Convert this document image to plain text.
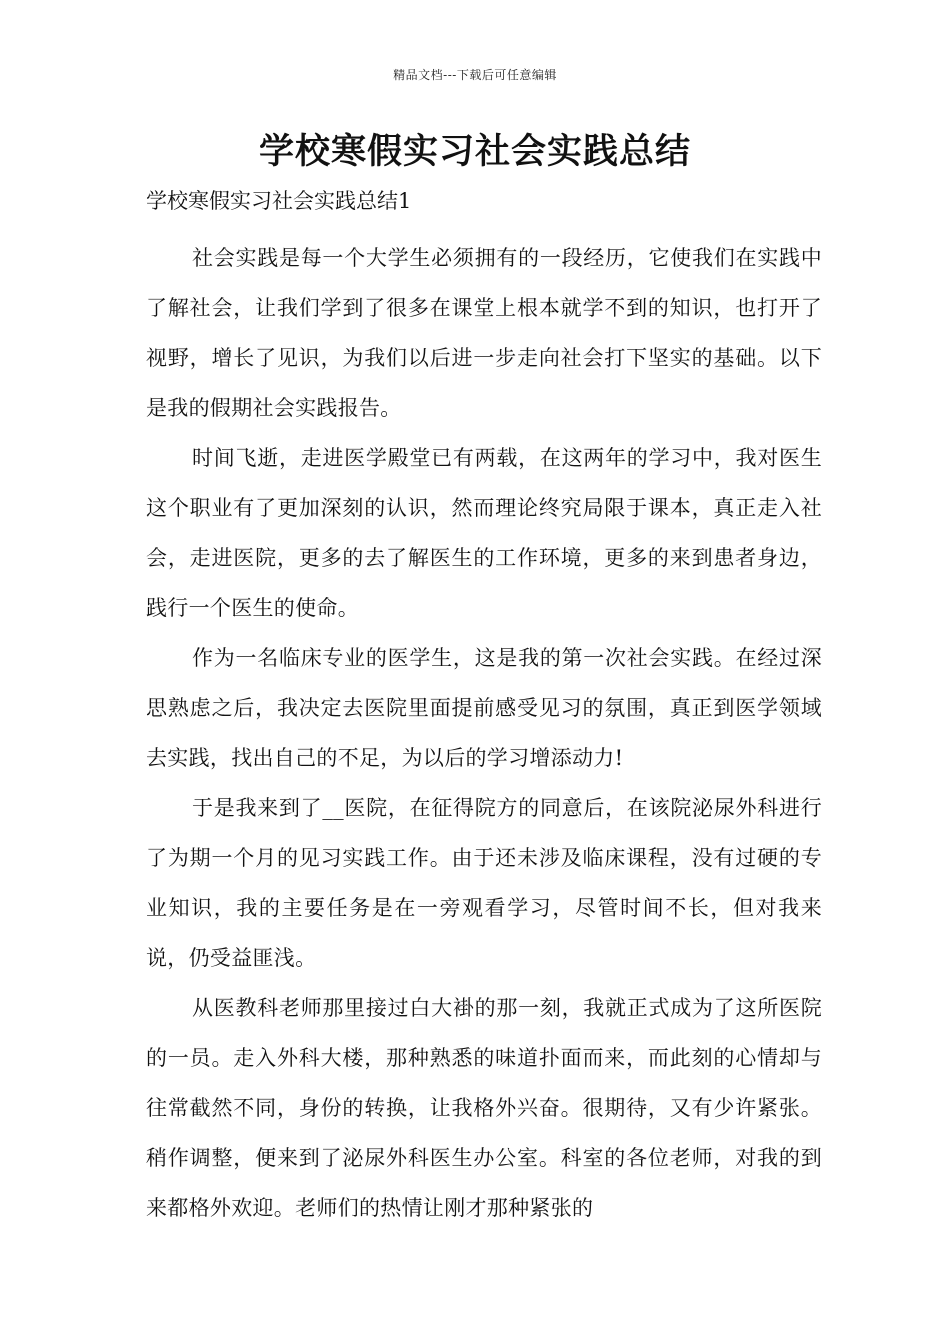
精品文档---下载后可任意编辑
学校寒假实习社会实践总结
学校寒假实习社会实践总结1

社会实践是每一个大学生必须拥有的一段经历，它使我们在实践中了解社会，让我们学到了很多在课堂上根本就学不到的知识，也打开了视野，增长了见识，为我们以后进一步走向社会打下坚实的基础。以下是我的假期社会实践报告。

时间飞逝，走进医学殿堂已有两载，在这两年的学习中，我对医生这个职业有了更加深刻的认识，然而理论终究局限于课本，真正走入社会，走进医院，更多的去了解医生的工作环境，更多的来到患者身边，践行一个医生的使命。

作为一名临床专业的医学生，这是我的第一次社会实践。在经过深思熟虑之后，我决定去医院里面提前感受见习的氛围，真正到医学领域去实践，找出自己的不足，为以后的学习增添动力!

于是我来到了__医院，在征得院方的同意后，在该院泌尿外科进行了为期一个月的见习实践工作。由于还未涉及临床课程，没有过硬的专业知识，我的主要任务是在一旁观看学习，尽管时间不长，但对我来说，仍受益匪浅。

从医教科老师那里接过白大褂的那一刻，我就正式成为了这所医院的一员。走入外科大楼，那种熟悉的味道扑面而来，而此刻的心情却与往常截然不同，身份的转换，让我格外兴奋。很期待，又有少许紧张。稍作调整，便来到了泌尿外科医生办公室。科室的各位老师，对我的到来都格外欢迎。老师们的热情让刚才那种紧张的
